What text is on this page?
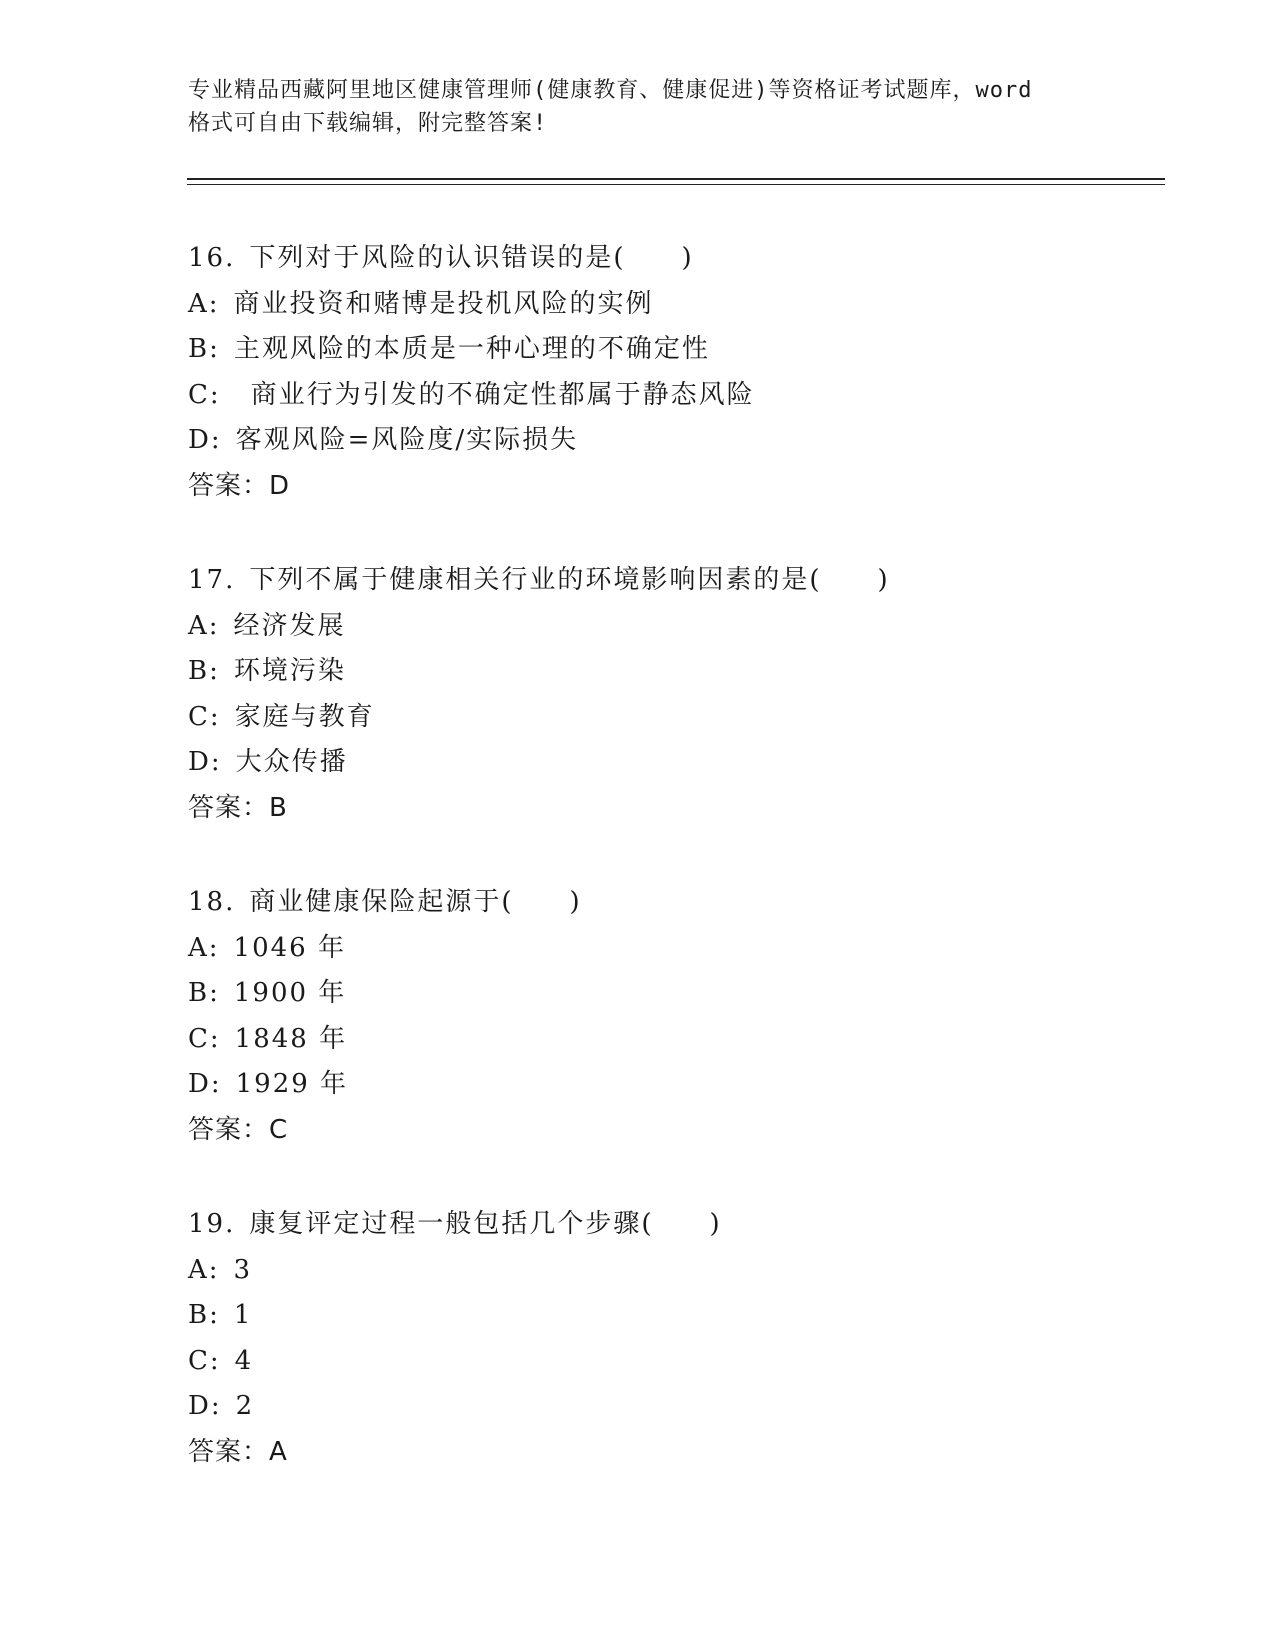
专业精品西藏阿里地区健康管理师(健康教育、健康促进)等资格证考试题库，word
格式可自由下载编辑，附完整答案!
16. 下列对于风险的认识错误的是(　　)
A: 商业投资和赌博是投机风险的实例
B: 主观风险的本质是一种心理的不确定性
C: 商业行为引发的不确定性都属于静态风险
D: 客观风险=风险度/实际损失
答案：D
17. 下列不属于健康相关行业的环境影响因素的是(　　)
A: 经济发展
B: 环境污染
C: 家庭与教育
D: 大众传播
答案：B
18. 商业健康保险起源于(　　)
A: 1046 年
B: 1900 年
C: 1848 年
D: 1929 年
答案：C
19. 康复评定过程一般包括几个步骤(　　)
A: 3
B: 1
C: 4
D: 2
答案：A
